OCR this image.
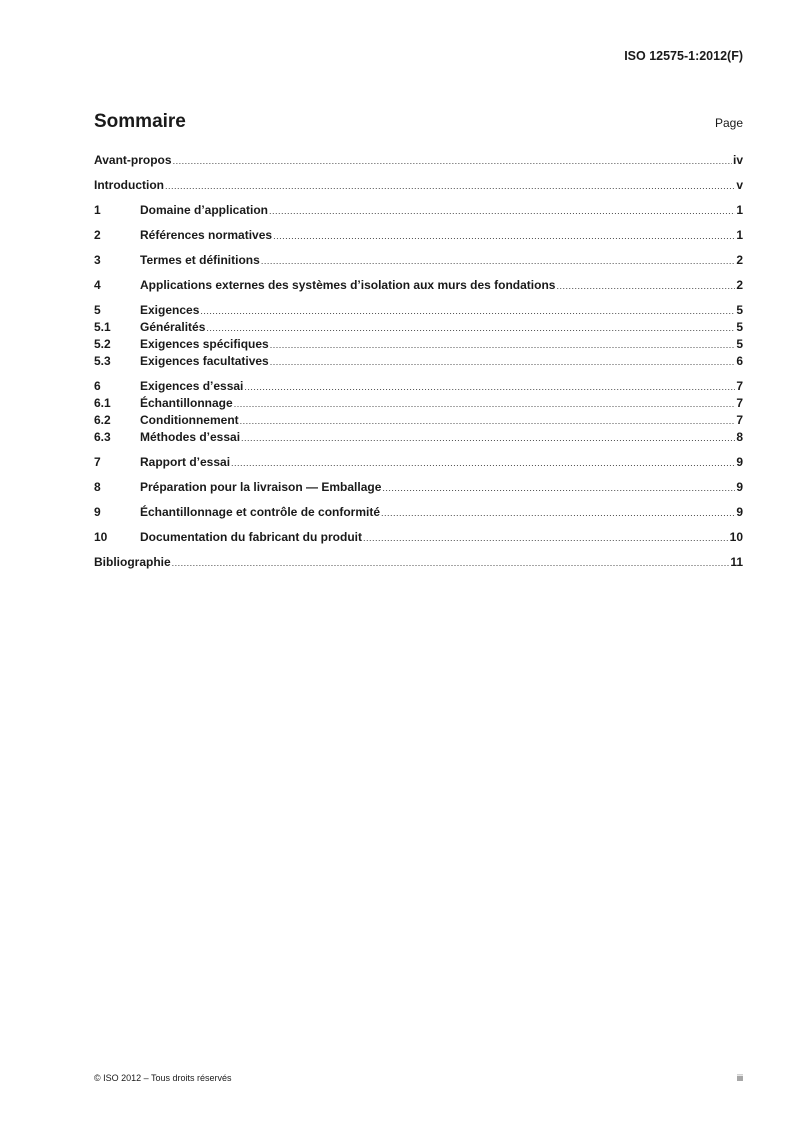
ISO 12575-1:2012(F)
Sommaire	Page
Avant-propos .....	iv
Introduction .....	v
1	Domaine d’application .....	1
2	Références normatives .....	1
3	Termes et définitions .....	2
4	Applications externes des systèmes d’isolation aux murs des fondations .....	2
5	Exigences .....	5
5.1	Généralités .....	5
5.2	Exigences spécifiques .....	5
5.3	Exigences facultatives .....	6
6	Exigences d’essai .....	7
6.1	Échantillonnage .....	7
6.2	Conditionnement .....	7
6.3	Méthodes d’essai .....	8
7	Rapport d’essai .....	9
8	Préparation pour la livraison — Emballage .....	9
9	Échantillonnage et contrôle de conformité .....	9
10	Documentation du fabricant du produit .....	10
Bibliographie .....	11
© ISO 2012 – Tous droits réservés	iii
